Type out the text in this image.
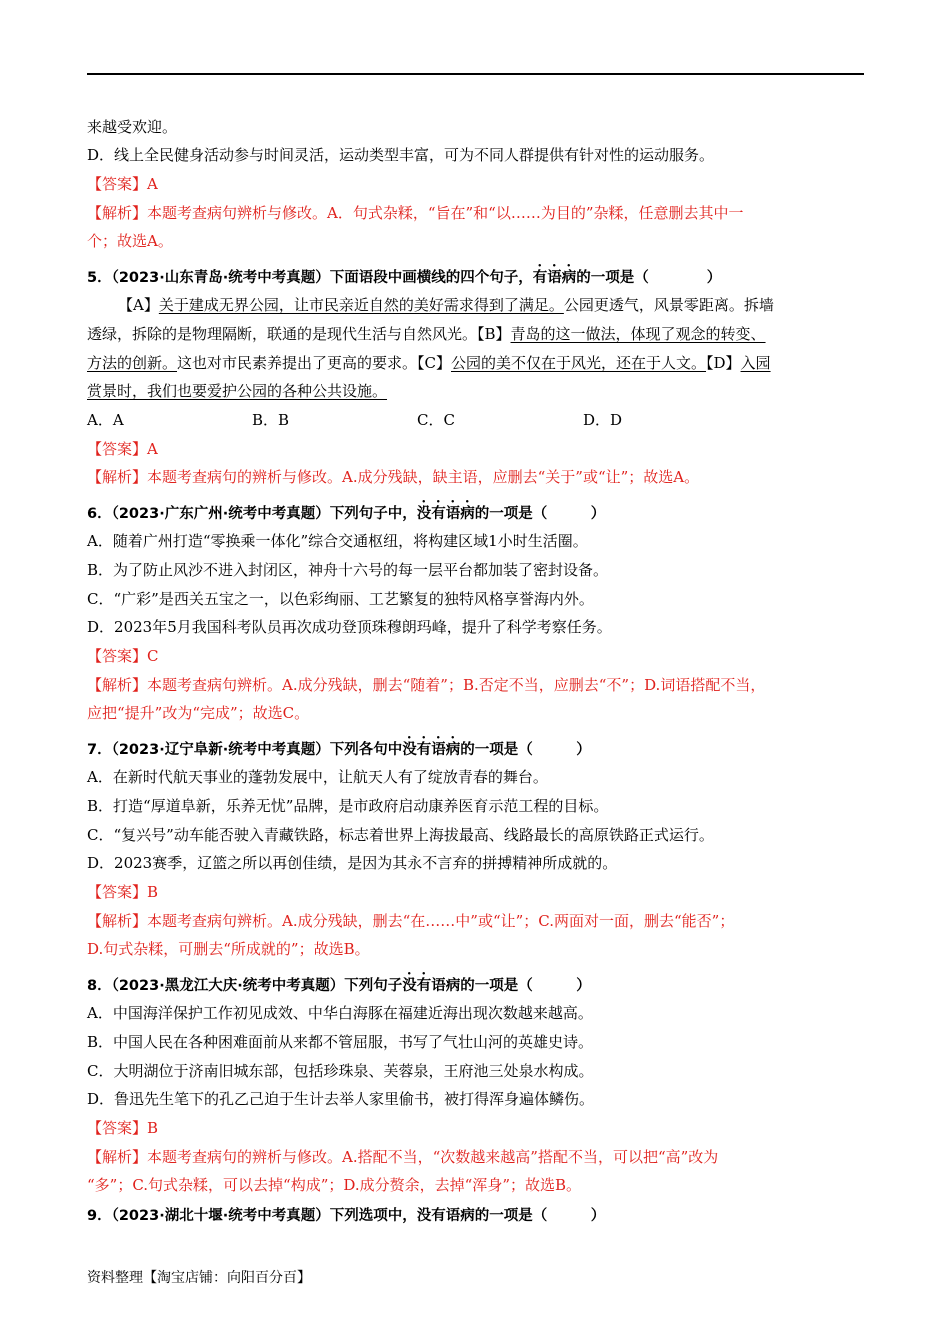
来越受欢迎。
D．线上全民健身活动参与时间灵活，运动类型丰富，可为不同人群提供有针对性的运动服务。
【答案】A
【解析】本题考查病句辨析与修改。A．句式杂糅，“旨在”和“以……为目的”杂糅，任意删去其中一
个；故选A。
5．（2023·山东青岛·统考中考真题）下面语段中画横线的四个句子，有语病的一项是（　　　　）
【A】关于建成无界公园，让市民亲近自然的美好需求得到了满足。公园更透气，风景零距离。拆墙
透绿，拆除的是物理隔断，联通的是现代生活与自然风光。【B】青岛的这一做法，体现了观念的转变、
方法的创新。这也对市民素养提出了更高的要求。【C】公园的美不仅在于风光，还在于人文。【D】入园
赏景时，我们也要爱护公园的各种公共设施。
A．A	B．B	C．C	D．D
【答案】A
【解析】本题考查病句的辨析与修改。A.成分残缺，缺主语，应删去“关于”或“让”；故选A。
6．（2023·广东广州·统考中考真题）下列句子中，没有语病的一项是（　　　）
A．随着广州打造“零换乘一体化”综合交通枢纽，将构建区域1小时生活圈。
B．为了防止风沙不进入封闭区，神舟十六号的每一层平台都加装了密封设备。
C．“广彩”是西关五宝之一，以色彩绚丽、工艺繁复的独特风格享誉海内外。
D．2023年5月我国科考队员再次成功登顶珠穆朗玛峰，提升了科学考察任务。
【答案】C
【解析】本题考查病句辨析。A.成分残缺，删去“随着”；B.否定不当，应删去“不”；D.词语搭配不当，
应把“提升”改为“完成”；故选C。
7．（2023·辽宁阜新·统考中考真题）下列各句中没有语病的一项是（　　　）
A．在新时代航天事业的蓬勃发展中，让航天人有了绽放青春的舞台。
B．打造“厚道阜新，乐养无忧”品牌，是市政府启动康养医育示范工程的目标。
C．“复兴号”动车能否驶入青藏铁路，标志着世界上海拔最高、线路最长的高原铁路正式运行。
D．2023赛季，辽篮之所以再创佳绩，是因为其永不言弃的拼搏精神所成就的。
【答案】B
【解析】本题考查病句辨析。A.成分残缺，删去“在……中”或“让”；C.两面对一面，删去“能否”；
D.句式杂糅，可删去“所成就的”；故选B。
8．（2023·黑龙江大庆·统考中考真题）下列句子没有语病的一项是（　　　）
A．中国海洋保护工作初见成效、中华白海豚在福建近海出现次数越来越高。
B．中国人民在各种困难面前从来都不管屈服，书写了气壮山河的英雄史诗。
C．大明湖位于济南旧城东部，包括珍珠泉、芙蓉泉，王府池三处泉水构成。
D．鲁迅先生笔下的孔乙己迫于生计去举人家里偷书，被打得浑身遍体鳞伤。
【答案】B
【解析】本题考查病句的辨析与修改。A.搭配不当，“次数越来越高”搭配不当，可以把“高”改为
“多”；C.句式杂糅，可以去掉“构成”；D.成分赘余，去掉“浑身”；故选B。
9．（2023·湖北十堰·统考中考真题）下列选项中，没有语病的一项是（　　　）
资料整理【淘宝店铺：向阳百分百】
